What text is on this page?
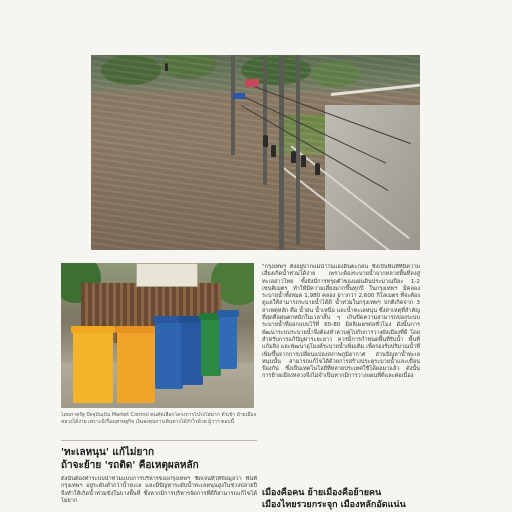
โดยภาครัฐ ปัจจุบันเป็น Market Control คนคัดเลือกโครงการโปร่งใสมาก ตัวเข้า ย้ายเมืองหลวงได้ง่าย เพราะมีเรื่องเศรษฐกิจ เงินลงทุนการเดินทางได้กำไรด้วย ผู้ว่าฯ ตอบนี้
'ทะเลหนุน' แก้ไม่ยาก
ถ้าจะย้าย 'รถติด' คือเหตุผลหลัก
ดังนั้นต้องทำระบบน้ำท่วมแบบการบริหารของกรุงเทพฯ ชัดเจนที่ให้ข้อมูลว่า พื้นที่กรุงเทพฯ อยู่ระดับต่ำกว่าน้ำทะเล และมีปัญหาระดับน้ำทะเลหนุนสูงในช่วงปลายปี จึงทำให้เกิดน้ำท่วมขังในบางพื้นที่ ซึ่งหากมีการบริหารจัดการที่ดีก็สามารถแก้ไขได้ไม่ยาก
"กรุงเทพฯ ตั้งอยู่ปากแม่น้ำในแอ่งดินตะกอน ซึ่งเป็นพื้นที่ที่มีความเสี่ยงเกิดน้ำท่วมได้ง่าย เพราะต้องระบายน้ำจากหลายพื้นที่ลงสู่ทะเลอ่าวไทย ทั้งยังมีการทรุดตัวของแผ่นดินประมาณปีละ 1-2 เซนติเมตร ทำให้มีความเสี่ยงมากขึ้นทุกปี ในกรุงเทพฯ มีคลองระบายน้ำทั้งหมด 1,980 คลอง ยาวกว่า 2,600 กิโลเมตร ที่จะต้องดูแลให้สามารถระบายน้ำได้ดี น้ำท่วมในกรุงเทพฯ ปกติเกิดจาก 3 สาเหตุหลัก คือ น้ำฝน น้ำเหนือ และน้ำทะเลหนุน ซึ่งสาเหตุที่สำคัญที่สุดคือฝนตกหนักในเวลาสั้น ๆ เกินขีดความสามารถของระบบระบายน้ำที่ออกแบบไว้ที่ 60-80 มิลลิเมตรต่อชั่วโมง ดังนั้นการพัฒนาระบบระบายน้ำจึงต้องทำควบคู่ไปกับการวางผังเมืองที่ดี โดยสำหรับการแก้ปัญหาระยะยาว ควรมีการกำหนดพื้นที่รับน้ำ พื้นที่แก้มลิง และพัฒนาอุโมงค์ระบายน้ำเพิ่มเติม เพื่อรองรับปริมาณน้ำที่เพิ่มขึ้นจากการเปลี่ยนแปลงสภาพภูมิอากาศ ส่วนปัญหาน้ำทะเลหนุนนั้น สามารถแก้ไขได้ด้วยการสร้างประตูระบายน้ำและเขื่อนป้องกัน ซึ่งเป็นเทคโนโลยีที่หลายประเทศใช้ได้ผลมาแล้ว ดังนั้นการย้ายเมืองหลวงจึงไม่จำเป็นหากมีการวางแผนที่ดีและต่อเนื่อง
เมืองคือคน ย้ายเมืองคือย้ายคน
เมืองไทยรวยกระจุก เมืองหลักอัดแน่น
